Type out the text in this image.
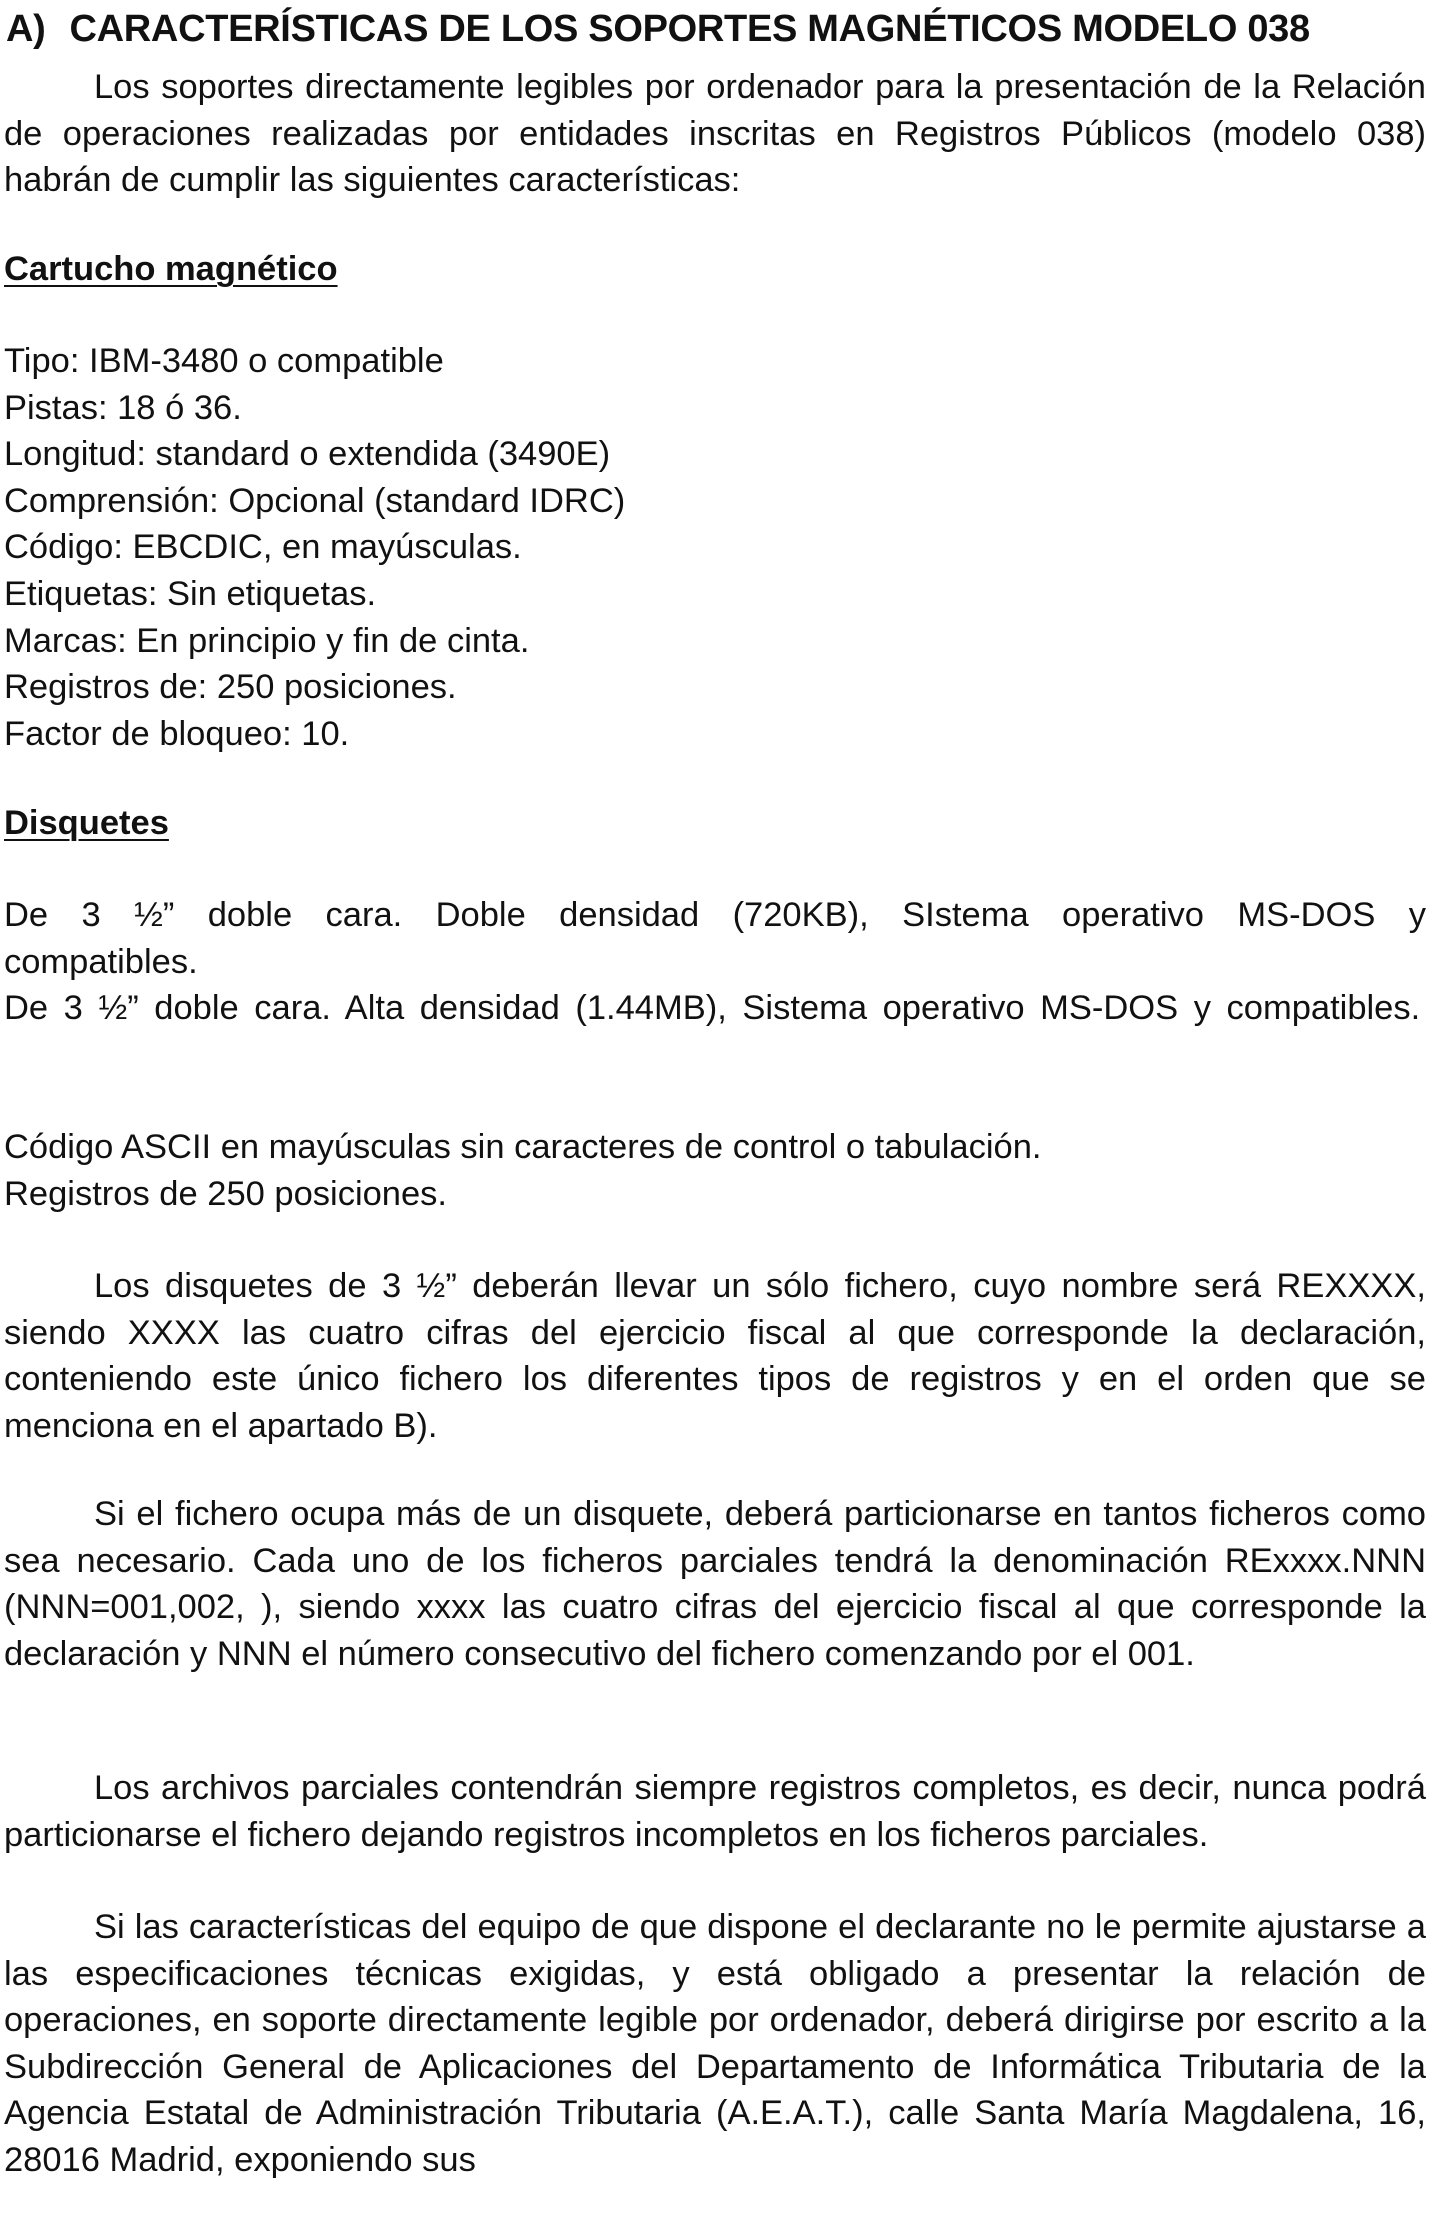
A) CARACTERÍSTICAS DE LOS SOPORTES MAGNÉTICOS MODELO 038

Los soportes directamente legibles por ordenador para la presentación de la Relación de operaciones realizadas por entidades inscritas en Registros Públicos (modelo 038) habrán de cumplir las siguientes características:

Cartucho magnético
Tipo: IBM-3480 o compatible
Pistas: 18 ó 36.
Longitud: standard o extendida (3490E)
Comprensión: Opcional (standard IDRC)
Código: EBCDIC, en mayúsculas.
Etiquetas: Sin etiquetas.
Marcas: En principio y fin de cinta.
Registros de: 250 posiciones.
Factor de bloqueo: 10.
Disquetes

De 3 ½” doble cara. Doble densidad (720KB), SIstema operativo MS-DOS y compatibles.

De 3 ½” doble cara. Alta densidad (1.44MB), Sistema operativo MS-DOS y compatibles.

Código ASCII en mayúsculas sin caracteres de control o tabulación.
Registros de 250 posiciones.

Los disquetes de 3 ½” deberán llevar un sólo fichero, cuyo nombre será REXXXX, siendo XXXX las cuatro cifras del ejercicio fiscal al que corresponde la declaración, conteniendo este único fichero los diferentes tipos de registros y en el orden que se menciona en el apartado B).

Si el fichero ocupa más de un disquete, deberá particionarse en tantos ficheros como sea necesario. Cada uno de los ficheros parciales tendrá la denominación RExxxx.NNN (NNN=001,002, ), siendo xxxx las cuatro cifras del ejercicio fiscal al que corresponde la declaración y NNN el número consecutivo del fichero comenzando por el 001.

Los archivos parciales contendrán siempre registros completos, es decir, nunca podrá particionarse el fichero dejando registros incompletos en los ficheros parciales.

Si las características del equipo de que dispone el declarante no le permite ajustarse a las especificaciones técnicas exigidas, y está obligado a presentar la relación de operaciones, en soporte directamente legible por ordenador, deberá dirigirse por escrito a la Subdirección General de Aplicaciones del Departamento de Informática Tributaria de la Agencia Estatal de Administración Tributaria (A.E.A.T.), calle Santa María Magdalena, 16, 28016 Madrid, exponiendo sus
